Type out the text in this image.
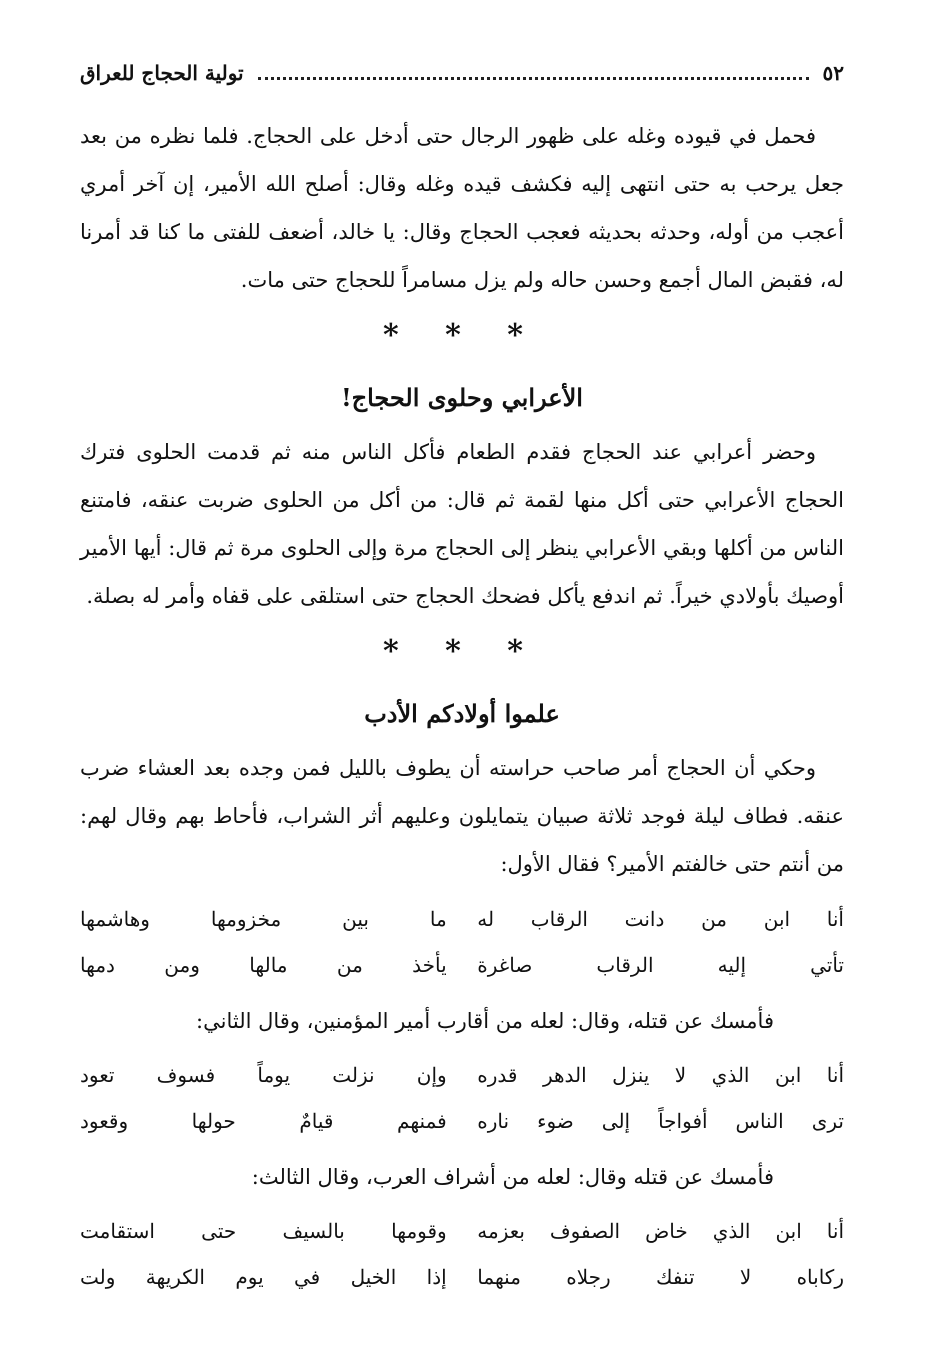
٥٢
تولية الحجاج للعراق

فحمل في قيوده وغله على ظهور الرجال حتى أدخل على الحجاج. فلما نظره من بعد جعل يرحب به حتى انتهى إليه فكشف قيده وغله وقال: أصلح الله الأمير، إن آخر أمري أعجب من أوله، وحدثه بحديثه فعجب الحجاج وقال: يا خالد، أضعف للفتى ما كنا قد أمرنا له، فقبض المال أجمع وحسن حاله ولم يزل مسامراً للحجاج حتى مات.

* * *
الأعرابي وحلوى الحجاج!

وحضر أعرابي عند الحجاج فقدم الطعام فأكل الناس منه ثم قدمت الحلوى فترك الحجاج الأعرابي حتى أكل منها لقمة ثم قال: من أكل من الحلوى ضربت عنقه، فامتنع الناس من أكلها وبقي الأعرابي ينظر إلى الحجاج مرة وإلى الحلوى مرة ثم قال: أيها الأمير أوصيك بأولادي خيراً. ثم اندفع يأكل فضحك الحجاج حتى استلقى على قفاه وأمر له بصلة.

* * *
علموا أولادكم الأدب

وحكي أن الحجاج أمر صاحب حراسته أن يطوف بالليل فمن وجده بعد العشاء ضرب عنقه. فطاف ليلة فوجد ثلاثة صبيان يتمايلون وعليهم أثر الشراب، فأحاط بهم وقال لهم: من أنتم حتى خالفتم الأمير؟ فقال الأول:

أنا ابن من دانت الرقاب له
ما بين مخزومها وهاشمها
تأتي إليه الرقاب صاغرة
يأخذ من مالها ومن دمها

فأمسك عن قتله، وقال: لعله من أقارب أمير المؤمنين، وقال الثاني:

أنا ابن الذي لا ينزل الدهر قدره
وإن نزلت يوماً فسوف تعود
ترى الناس أفواجاً إلى ضوء ناره
فمنهم قيامٌ حولها وقعود

فأمسك عن قتله وقال: لعله من أشراف العرب، وقال الثالث:

أنا ابن الذي خاض الصفوف بعزمه
وقومها بالسيف حتى استقامت
ركاباه لا تنفك رجلاه منهما
إذا الخيل في يوم الكريهة ولت
